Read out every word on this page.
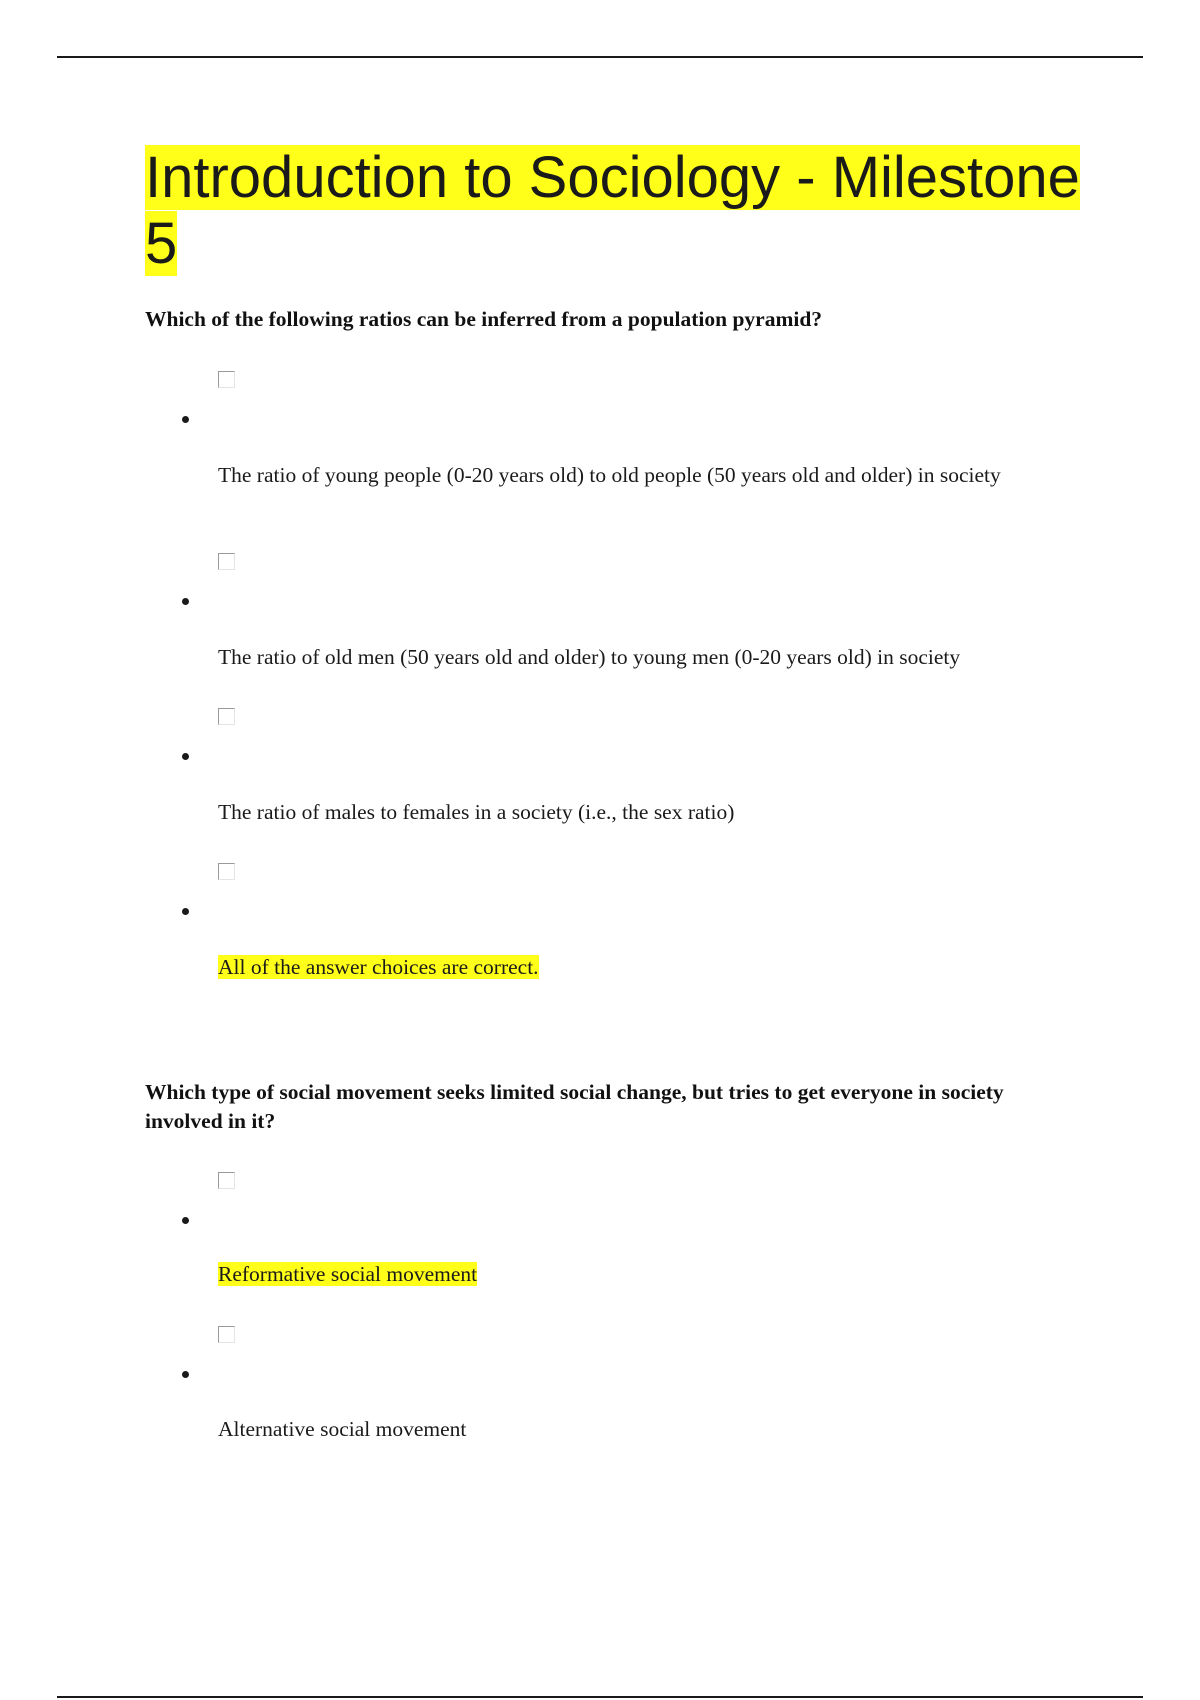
Introduction to Sociology - Milestone 5

Which of the following ratios can be inferred from a population pyramid?

The ratio of young people (0-20 years old) to old people (50 years old and older) in society

The ratio of old men (50 years old and older) to young men (0-20 years old) in society

The ratio of males to females in a society (i.e., the sex ratio)

All of the answer choices are correct.

Which type of social movement seeks limited social change, but tries to get everyone in society involved in it?

Reformative social movement

Alternative social movement
